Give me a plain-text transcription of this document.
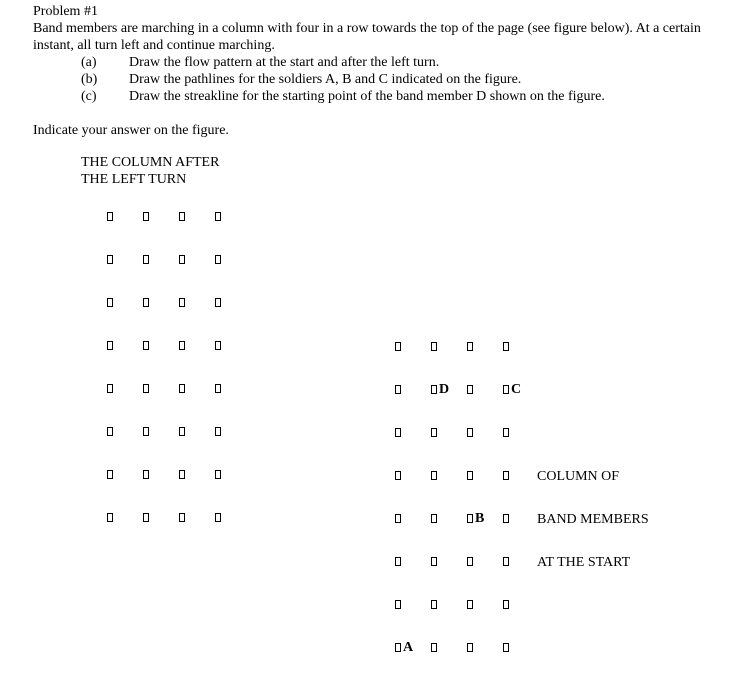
Problem #1
Band members are marching in a column with four in a row towards the top of the page (see figure below). At a certain instant, all turn left and continue marching.
(a) Draw the flow pattern at the start and after the left turn.
(b) Draw the pathlines for the soldiers A, B and C indicated on the figure.
(c) Draw the streakline for the starting point of the band member D shown on the figure.
Indicate your answer on the figure.
THE COLUMN AFTER
THE LEFT TURN
D	C
B
A
COLUMN OF
BAND MEMBERS
AT THE START
